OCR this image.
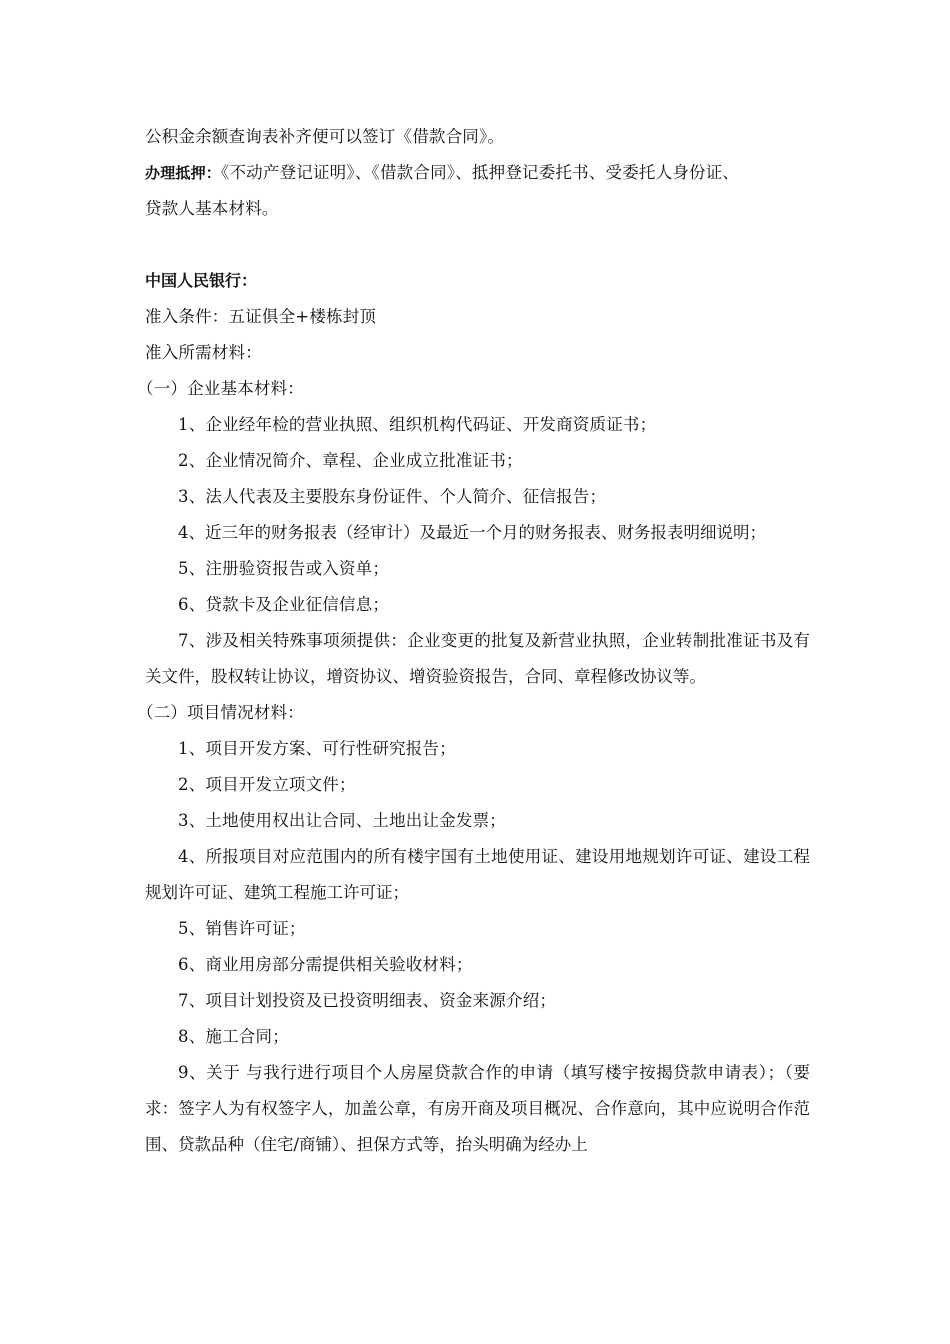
公积金余额查询表补齐便可以签订《借款合同》。
办理抵押：《不动产登记证明》、《借款合同》、抵押登记委托书、受委托人身份证、
贷款人基本材料。
中国人民银行：
准入条件：五证俱全+楼栋封顶
准入所需材料：
（一）企业基本材料：
1、企业经年检的营业执照、组织机构代码证、开发商资质证书；
2、企业情况简介、章程、企业成立批准证书；
3、法人代表及主要股东身份证件、个人简介、征信报告；
4、近三年的财务报表（经审计）及最近一个月的财务报表、财务报表明细说明；
5、注册验资报告或入资单；
6、贷款卡及企业征信信息；
7、涉及相关特殊事项须提供：企业变更的批复及新营业执照，企业转制批准证书及有关文件，股权转让协议，增资协议、增资验资报告，合同、章程修改协议等。
（二）项目情况材料：
1、项目开发方案、可行性研究报告；
2、项目开发立项文件；
3、土地使用权出让合同、土地出让金发票；
4、所报项目对应范围内的所有楼宇国有土地使用证、建设用地规划许可证、建设工程规划许可证、建筑工程施工许可证；
5、销售许可证；
6、商业用房部分需提供相关验收材料；
7、项目计划投资及已投资明细表、资金来源介绍；
8、施工合同；
9、关于 与我行进行项目个人房屋贷款合作的申请（填写楼宇按揭贷款申请表）；（要求：签字人为有权签字人，加盖公章，有房开商及项目概况、合作意向，其中应说明合作范围、贷款品种（住宅/商铺）、担保方式等，抬头明确为经办上
